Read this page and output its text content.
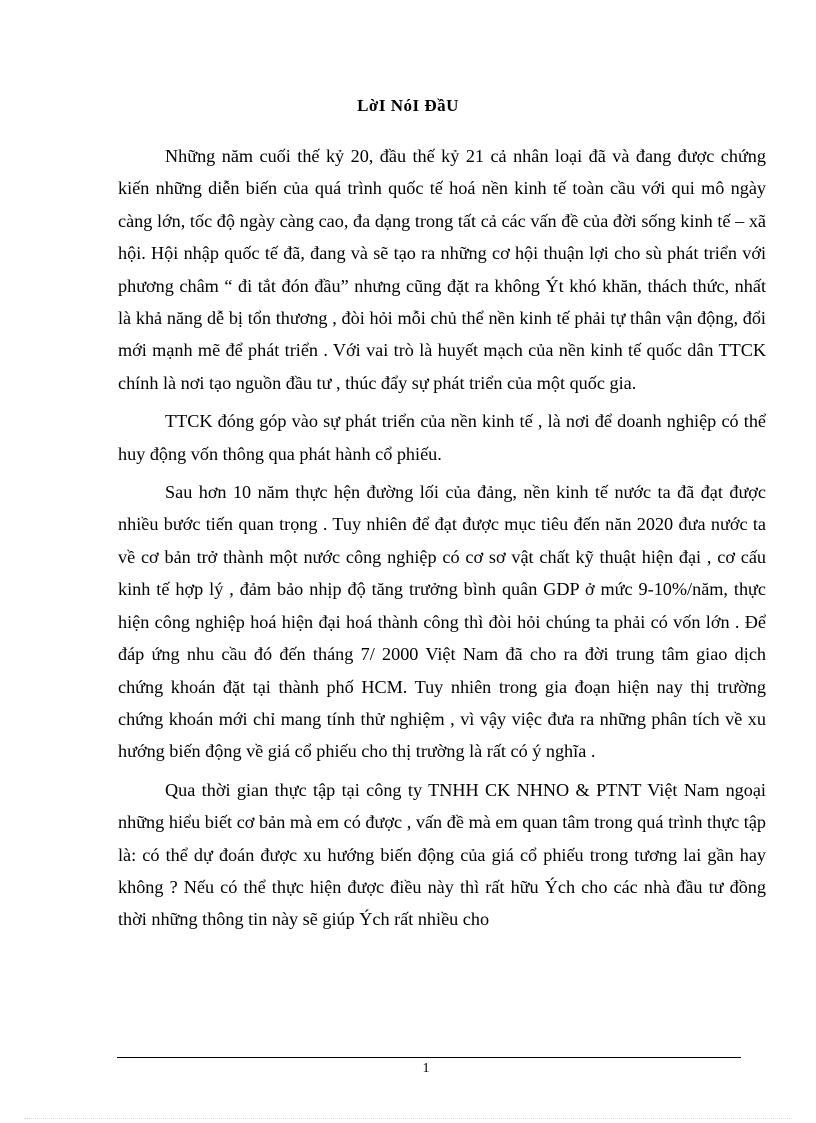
LờI NóI ĐầU

Những năm cuối thế kỷ 20, đầu thế kỷ 21 cả nhân loại đã và đang được chứng kiến những diễn biến của quá trình quốc tế hoá nền kinh tế toàn cầu với qui mô ngày càng lớn, tốc độ ngày càng cao, đa dạng trong tất cả các vấn đề của đời sống kinh tế – xã hội. Hội nhập quốc tế đã, đang và sẽ tạo ra những cơ hội thuận lợi cho sù phát triển với phương châm “ đi tắt đón đầu” nhưng cũng đặt ra không Ýt khó khăn, thách thức, nhất là khả năng dễ bị tổn thương , đòi hỏi mỗi chủ thể nền kinh tế phải tự thân vận động, đổi mới mạnh mẽ để phát triển . Với vai trò là huyết mạch của nền kinh tế quốc dân TTCK chính là nơi tạo nguồn đầu tư , thúc đẩy sự phát triển của một quốc gia.

TTCK đóng góp vào sự phát triển của nền kinh tế , là nơi để doanh nghiệp có thể huy động vốn thông qua phát hành cổ phiếu.

Sau hơn 10 năm thực hện đường lối của đảng, nền kinh tế nước ta đã đạt được nhiều bước tiến quan trọng . Tuy nhiên để đạt được mục tiêu đến năn 2020 đưa nước ta về cơ bản trở thành một nước công nghiệp có cơ sơ vật chất kỹ thuật hiện đại , cơ cấu kinh tế hợp lý , đảm bảo nhịp độ tăng trưởng bình quân GDP ở mức 9-10%/năm, thực hiện công nghiệp hoá hiện đại hoá thành công thì đòi hỏi chúng ta phải có vốn lớn . Để đáp ứng nhu cầu đó đến tháng 7/ 2000 Việt Nam đã cho ra đời trung tâm giao dịch chứng khoán đặt tại thành phố HCM. Tuy nhiên trong gia đoạn hiện nay thị trường chứng khoán mới chỉ mang tính thử nghiệm , vì vậy việc đưa ra những phân tích về xu hướng biến động về giá cổ phiếu cho thị trường là rất có ý nghĩa .

Qua thời gian thực tập tại công ty TNHH CK NHNO & PTNT Việt Nam ngoại những hiểu biết cơ bản mà em có được , vấn đề mà em quan tâm trong quá trình thực tập là: có thể dự đoán được xu hướng biến động của giá cổ phiếu trong tương lai gần hay không ? Nếu có thể thực hiện được điều này thì rất hữu Ých cho các nhà đầu tư đồng thời những thông tin này sẽ giúp Ých rất nhiều cho

1
